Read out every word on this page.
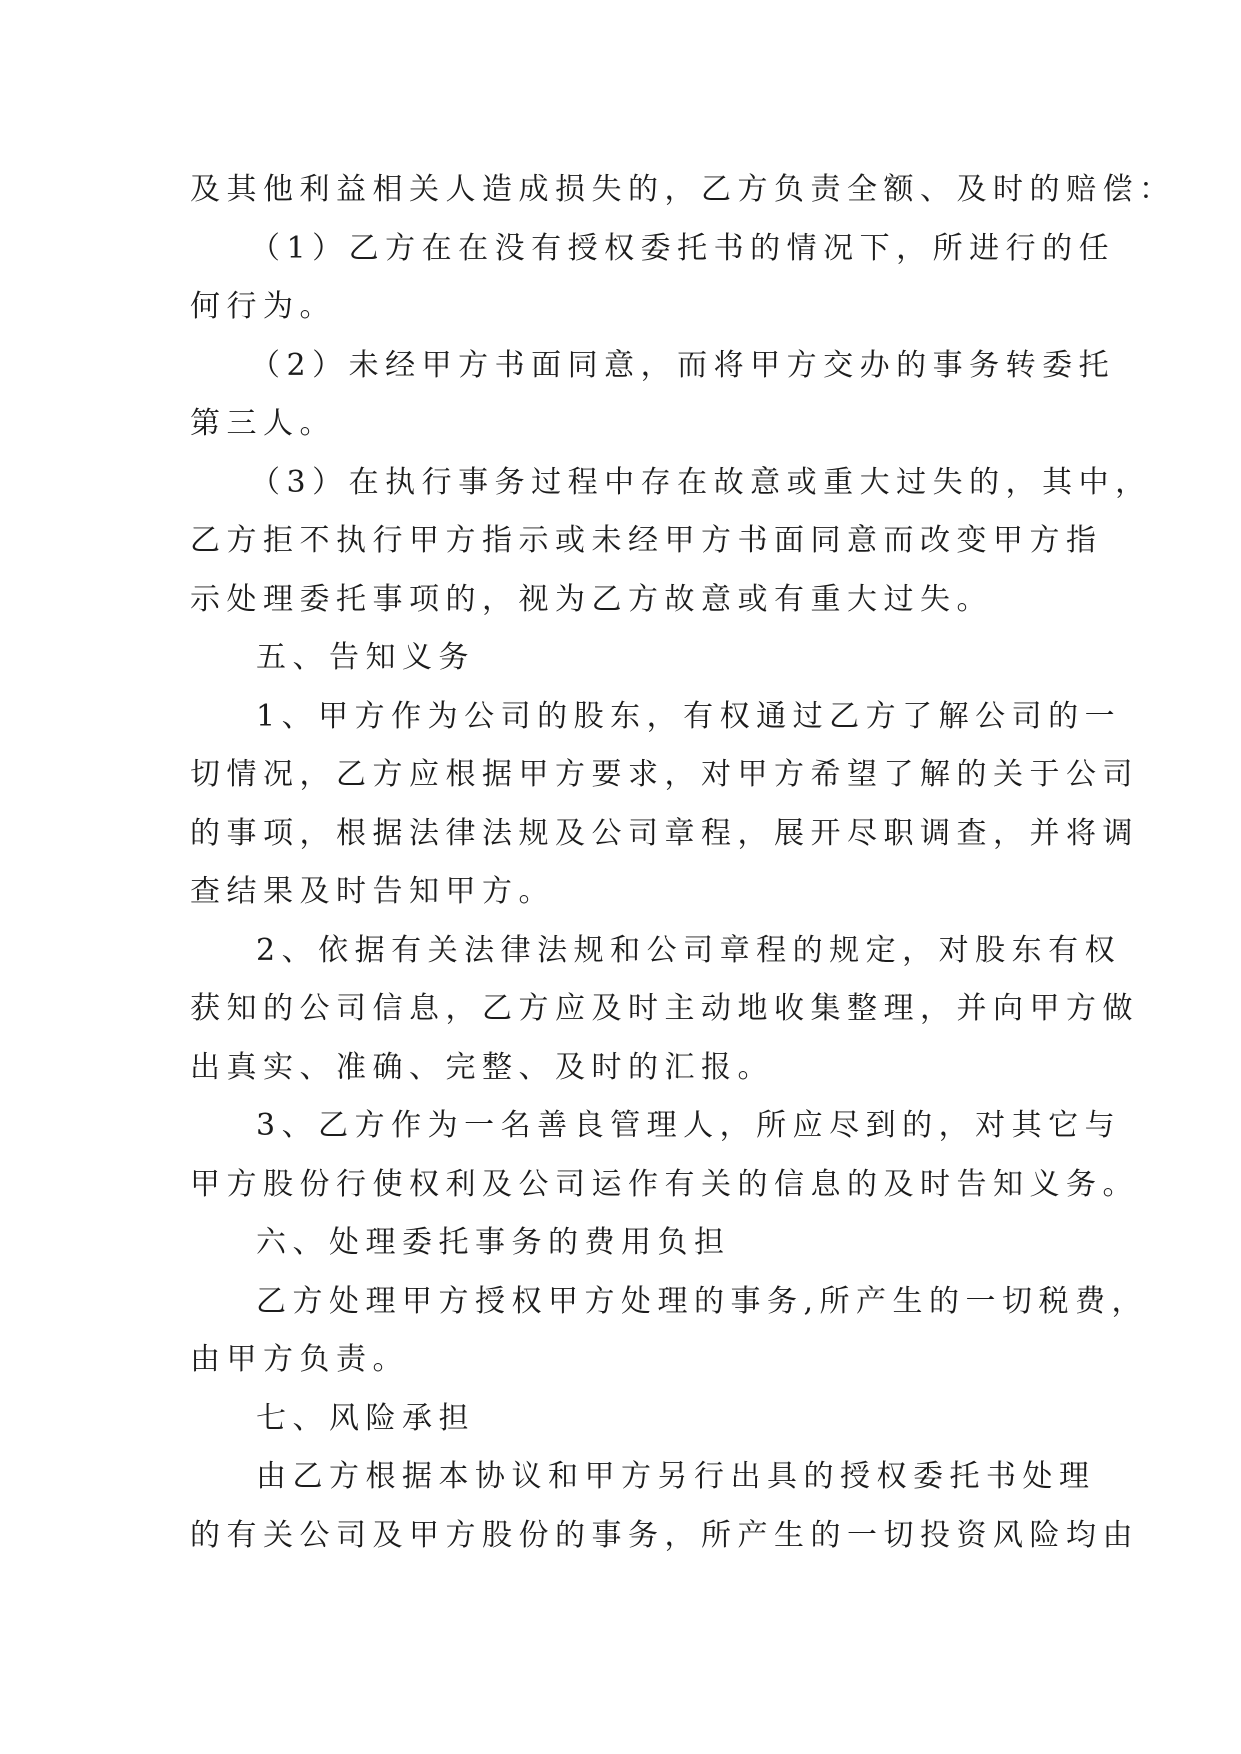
及其他利益相关人造成损失的，乙方负责全额、及时的赔偿：

（1）乙方在在没有授权委托书的情况下，所进行的任

何行为。

（2）未经甲方书面同意，而将甲方交办的事务转委托

第三人。

（3）在执行事务过程中存在故意或重大过失的，其中，

乙方拒不执行甲方指示或未经甲方书面同意而改变甲方指

示处理委托事项的，视为乙方故意或有重大过失。

五、告知义务

1、甲方作为公司的股东，有权通过乙方了解公司的一

切情况，乙方应根据甲方要求，对甲方希望了解的关于公司

的事项，根据法律法规及公司章程，展开尽职调查，并将调

查结果及时告知甲方。

2、依据有关法律法规和公司章程的规定，对股东有权

获知的公司信息，乙方应及时主动地收集整理，并向甲方做

出真实、准确、完整、及时的汇报。

3、乙方作为一名善良管理人，所应尽到的，对其它与

甲方股份行使权利及公司运作有关的信息的及时告知义务。

六、处理委托事务的费用负担

乙方处理甲方授权甲方处理的事务,所产生的一切税费，

由甲方负责。

七、风险承担

由乙方根据本协议和甲方另行出具的授权委托书处理

的有关公司及甲方股份的事务，所产生的一切投资风险均由
